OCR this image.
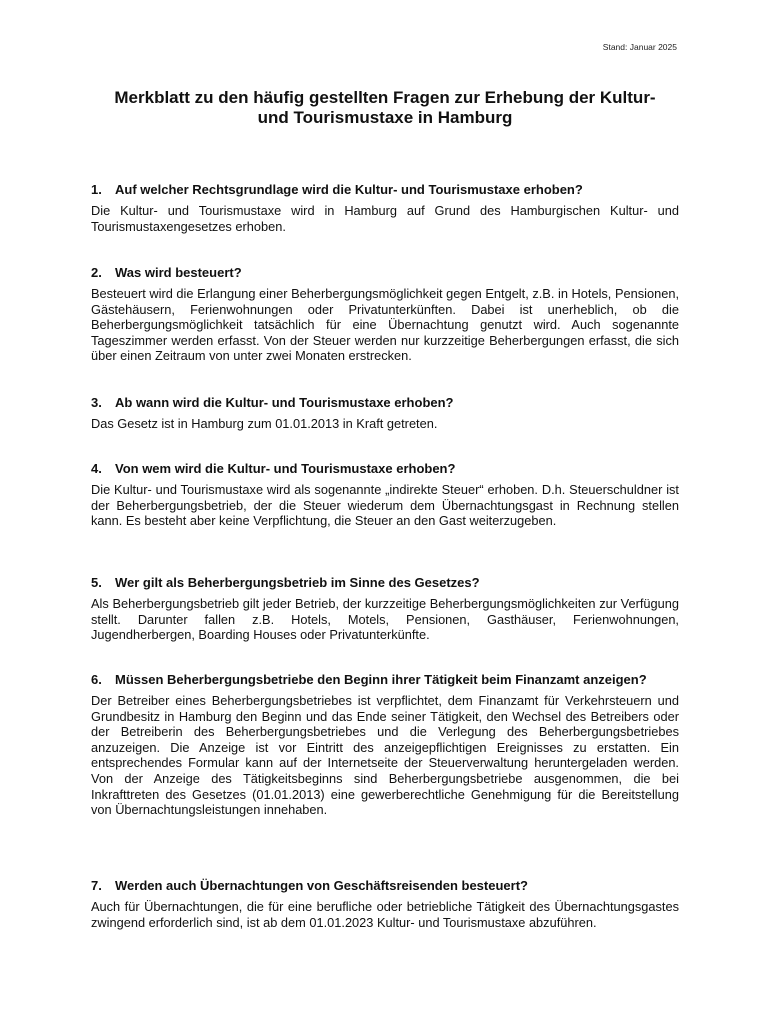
Stand: Januar 2025
Merkblatt zu den häufig gestellten Fragen zur Erhebung der Kultur-
und Tourismustaxe in Hamburg
1.	Auf welcher Rechtsgrundlage wird die Kultur- und Tourismustaxe erhoben?

Die Kultur- und Tourismustaxe wird in Hamburg auf Grund des Hamburgischen Kultur- und Tourismustaxengesetzes erhoben.

2.	Was wird besteuert?

Besteuert wird die Erlangung einer Beherbergungsmöglichkeit gegen Entgelt, z.B. in Hotels, Pensionen, Gästehäusern, Ferienwohnungen oder Privatunterkünften. Dabei ist unerheblich, ob die Beherbergungsmöglichkeit tatsächlich für eine Übernachtung genutzt wird. Auch sogenannte Tageszimmer werden erfasst. Von der Steuer werden nur kurzzeitige Beherbergungen erfasst, die sich über einen Zeitraum von unter zwei Monaten erstrecken.

3.	Ab wann wird die Kultur- und Tourismustaxe erhoben?

Das Gesetz ist in Hamburg zum 01.01.2013 in Kraft getreten.

4.	Von wem wird die Kultur- und Tourismustaxe erhoben?

Die Kultur- und Tourismustaxe wird als sogenannte „indirekte Steuer“ erhoben. D.h. Steuerschuldner ist der Beherbergungsbetrieb, der die Steuer wiederum dem Übernachtungsgast in Rechnung stellen kann. Es besteht aber keine Verpflichtung, die Steuer an den Gast weiterzugeben.

5.	Wer gilt als Beherbergungsbetrieb im Sinne des Gesetzes?

Als Beherbergungsbetrieb gilt jeder Betrieb, der kurzzeitige Beherbergungsmöglichkeiten zur Verfügung stellt. Darunter fallen z.B. Hotels, Motels, Pensionen, Gasthäuser, Ferienwohnungen, Jugendherbergen, Boarding Houses oder Privatunterkünfte.

6.	Müssen Beherbergungsbetriebe den Beginn ihrer Tätigkeit beim Finanzamt anzeigen?

Der Betreiber eines Beherbergungsbetriebes ist verpflichtet, dem Finanzamt für Verkehrsteuern und Grundbesitz in Hamburg den Beginn und das Ende seiner Tätigkeit, den Wechsel des Betreibers oder der Betreiberin des Beherbergungsbetriebes und die Verlegung des Beherbergungsbetriebes anzuzeigen. Die Anzeige ist vor Eintritt des anzeigepflichtigen Ereignisses zu erstatten. Ein entsprechendes Formular kann auf der Internetseite der Steuerverwaltung heruntergeladen werden. Von der Anzeige des Tätigkeitsbeginns sind Beherbergungsbetriebe ausgenommen, die bei Inkrafttreten des Gesetzes (01.01.2013) eine gewerberechtliche Genehmigung für die Bereitstellung von Übernachtungsleistungen innehaben.

7.	Werden auch Übernachtungen von Geschäftsreisenden besteuert?

Auch für Übernachtungen, die für eine berufliche oder betriebliche Tätigkeit des Übernachtungsgastes zwingend erforderlich sind, ist ab dem 01.01.2023 Kultur- und Tourismustaxe abzuführen.
